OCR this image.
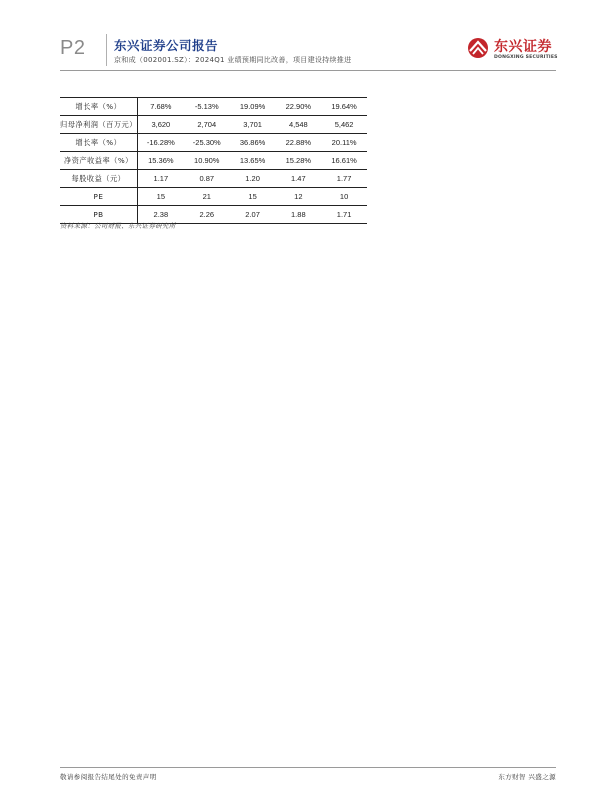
P2 东兴证券公司报告
京和成（002001.SZ）：2024Q1 业绩预期同比改善，项目建设持续推进
东兴证券
DONGXING SECURITIES
增长率（%）	7.68%	-5.13%	19.09%	22.90%	19.64%
归母净利润（百万元）	3,620	2,704	3,701	4,548	5,462
增长率（%）	-16.28%	-25.30%	36.86%	22.88%	20.11%
净资产收益率（%）	15.36%	10.90%	13.65%	15.28%	16.61%
每股收益（元）	1.17	0.87	1.20	1.47	1.77
PE	15	21	15	12	10
PB	2.38	2.26	2.07	1.88	1.71
资料来源：公司财报、东兴证券研究所
敬请参阅报告结尾处的免责声明	东方财智 兴盛之源
